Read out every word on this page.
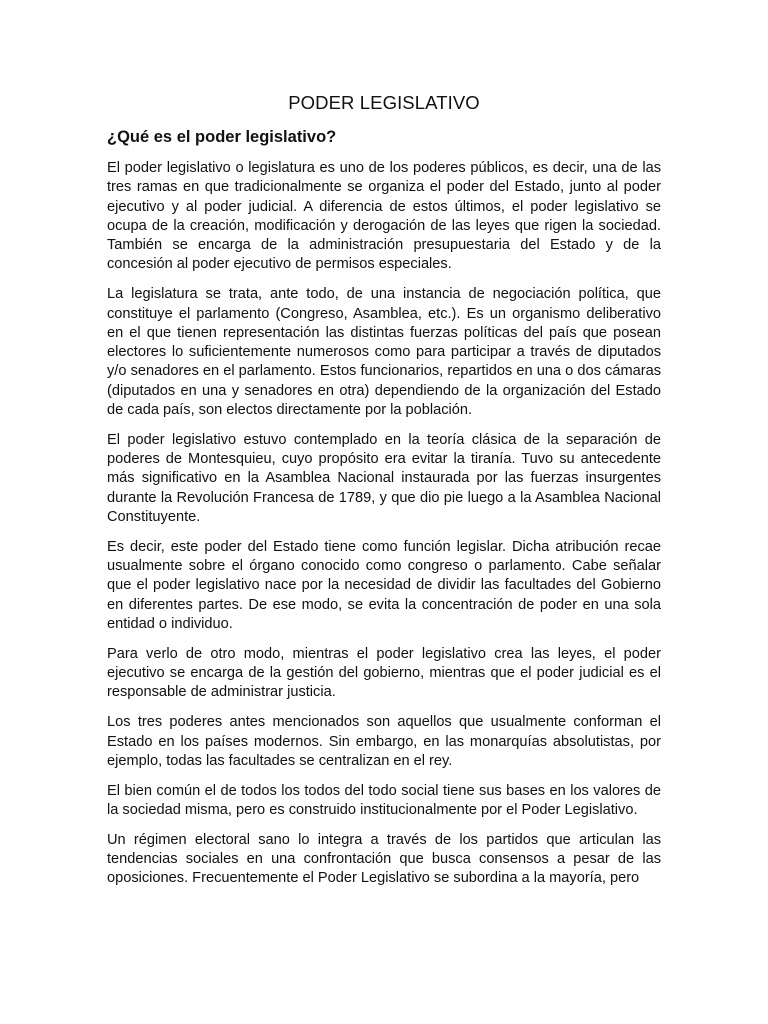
PODER LEGISLATIVO
¿Qué es el poder legislativo?

El poder legislativo o legislatura es uno de los poderes públicos, es decir, una de las tres ramas en que tradicionalmente se organiza el poder del Estado, junto al poder ejecutivo y al poder judicial. A diferencia de estos últimos, el poder legislativo se ocupa de la creación, modificación y derogación de las leyes que rigen la sociedad. También se encarga de la administración presupuestaria del Estado y de la concesión al poder ejecutivo de permisos especiales.

La legislatura se trata, ante todo, de una instancia de negociación política, que constituye el parlamento (Congreso, Asamblea, etc.). Es un organismo deliberativo en el que tienen representación las distintas fuerzas políticas del país que posean electores lo suficientemente numerosos como para participar a través de diputados y/o senadores en el parlamento. Estos funcionarios, repartidos en una o dos cámaras (diputados en una y senadores en otra) dependiendo de la organización del Estado de cada país, son electos directamente por la población.

El poder legislativo estuvo contemplado en la teoría clásica de la separación de poderes de Montesquieu, cuyo propósito era evitar la tiranía. Tuvo su antecedente más significativo en la Asamblea Nacional instaurada por las fuerzas insurgentes durante la Revolución Francesa de 1789, y que dio pie luego a la Asamblea Nacional Constituyente.

Es decir, este poder del Estado tiene como función legislar. Dicha atribución recae usualmente sobre el órgano conocido como congreso o parlamento. Cabe señalar que el poder legislativo nace por la necesidad de dividir las facultades del Gobierno en diferentes partes. De ese modo, se evita la concentración de poder en una sola entidad o individuo.

Para verlo de otro modo, mientras el poder legislativo crea las leyes, el poder ejecutivo se encarga de la gestión del gobierno, mientras que el poder judicial es el responsable de administrar justicia.

Los tres poderes antes mencionados son aquellos que usualmente conforman el Estado en los países modernos. Sin embargo, en las monarquías absolutistas, por ejemplo, todas las facultades se centralizan en el rey.

El bien común el de todos los todos del todo social tiene sus bases en los valores de la sociedad misma, pero es construido institucionalmente por el Poder Legislativo.

Un régimen electoral sano lo integra a través de los partidos que articulan las tendencias sociales en una confrontación que busca consensos a pesar de las oposiciones. Frecuentemente el Poder Legislativo se subordina a la mayoría, pero
